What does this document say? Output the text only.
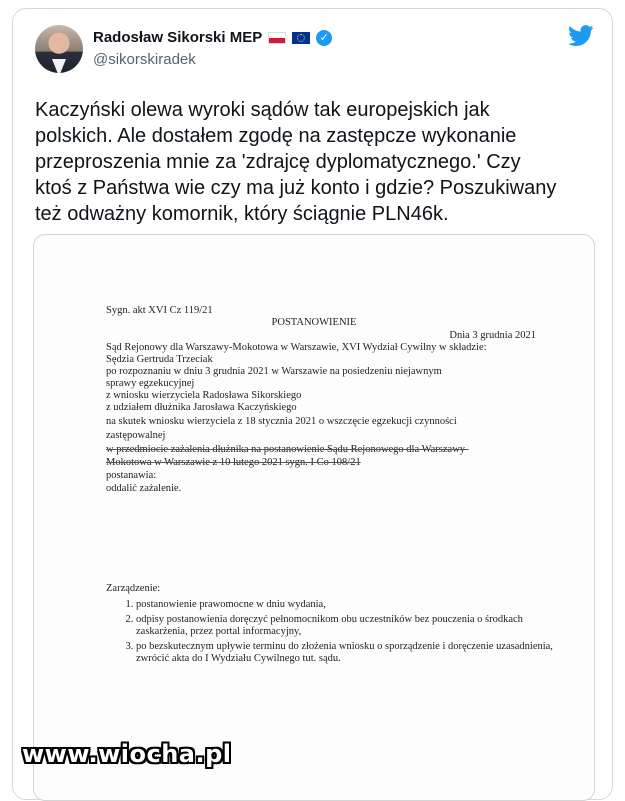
Radosław Sikorski MEP	✓
@sikorskiradek

Kaczyński olewa wyroki sądów tak europejskich jak
polskich. Ale dostałem zgodę na zastępcze wykonanie
przeproszenia mnie za 'zdrajcę dyplomatycznego.' Czy
ktoś z Państwa wie czy ma już konto i gdzie? Poszukiwany
też odważny komornik, który ściągnie PLN46k.

Sygn. akt XVI Cz 119/21
POSTANOWIENIE
Dnia 3 grudnia 2021
Sąd Rejonowy dla Warszawy-Mokotowa w Warszawie, XVI Wydział Cywilny w składzie:
Sędzia Gertruda Trzeciak
po rozpoznaniu w dniu 3 grudnia 2021 w Warszawie na posiedzeniu niejawnym
sprawy egzekucyjnej
z wniosku wierzyciela Radosława Sikorskiego
z udziałem dłużnika Jarosława Kaczyńskiego
na skutek wniosku wierzyciela z 18 stycznia 2021 o wszczęcie egzekucji czynności
zastępowalnej
w przedmiocie zażalenia dłużnika na postanowienie Sądu Rejonowego dla Warszawy-
Mokotowa w Warszawie z 10 lutego 2021 sygn. I Co 108/21
postanawia:
oddalić zażalenie.
Zarządzenie:
1. postanowienie prawomocne w dniu wydania,
2. odpisy postanowienia doręczyć pełnomocnikom obu uczestników bez pouczenia o środkach zaskarżenia, przez portal informacyjny,
3. po bezskutecznym upływie terminu do złożenia wniosku o sporządzenie i doręczenie uzasadnienia, zwrócić akta do I Wydziału Cywilnego tut. sądu.
www.wiocha.pl
